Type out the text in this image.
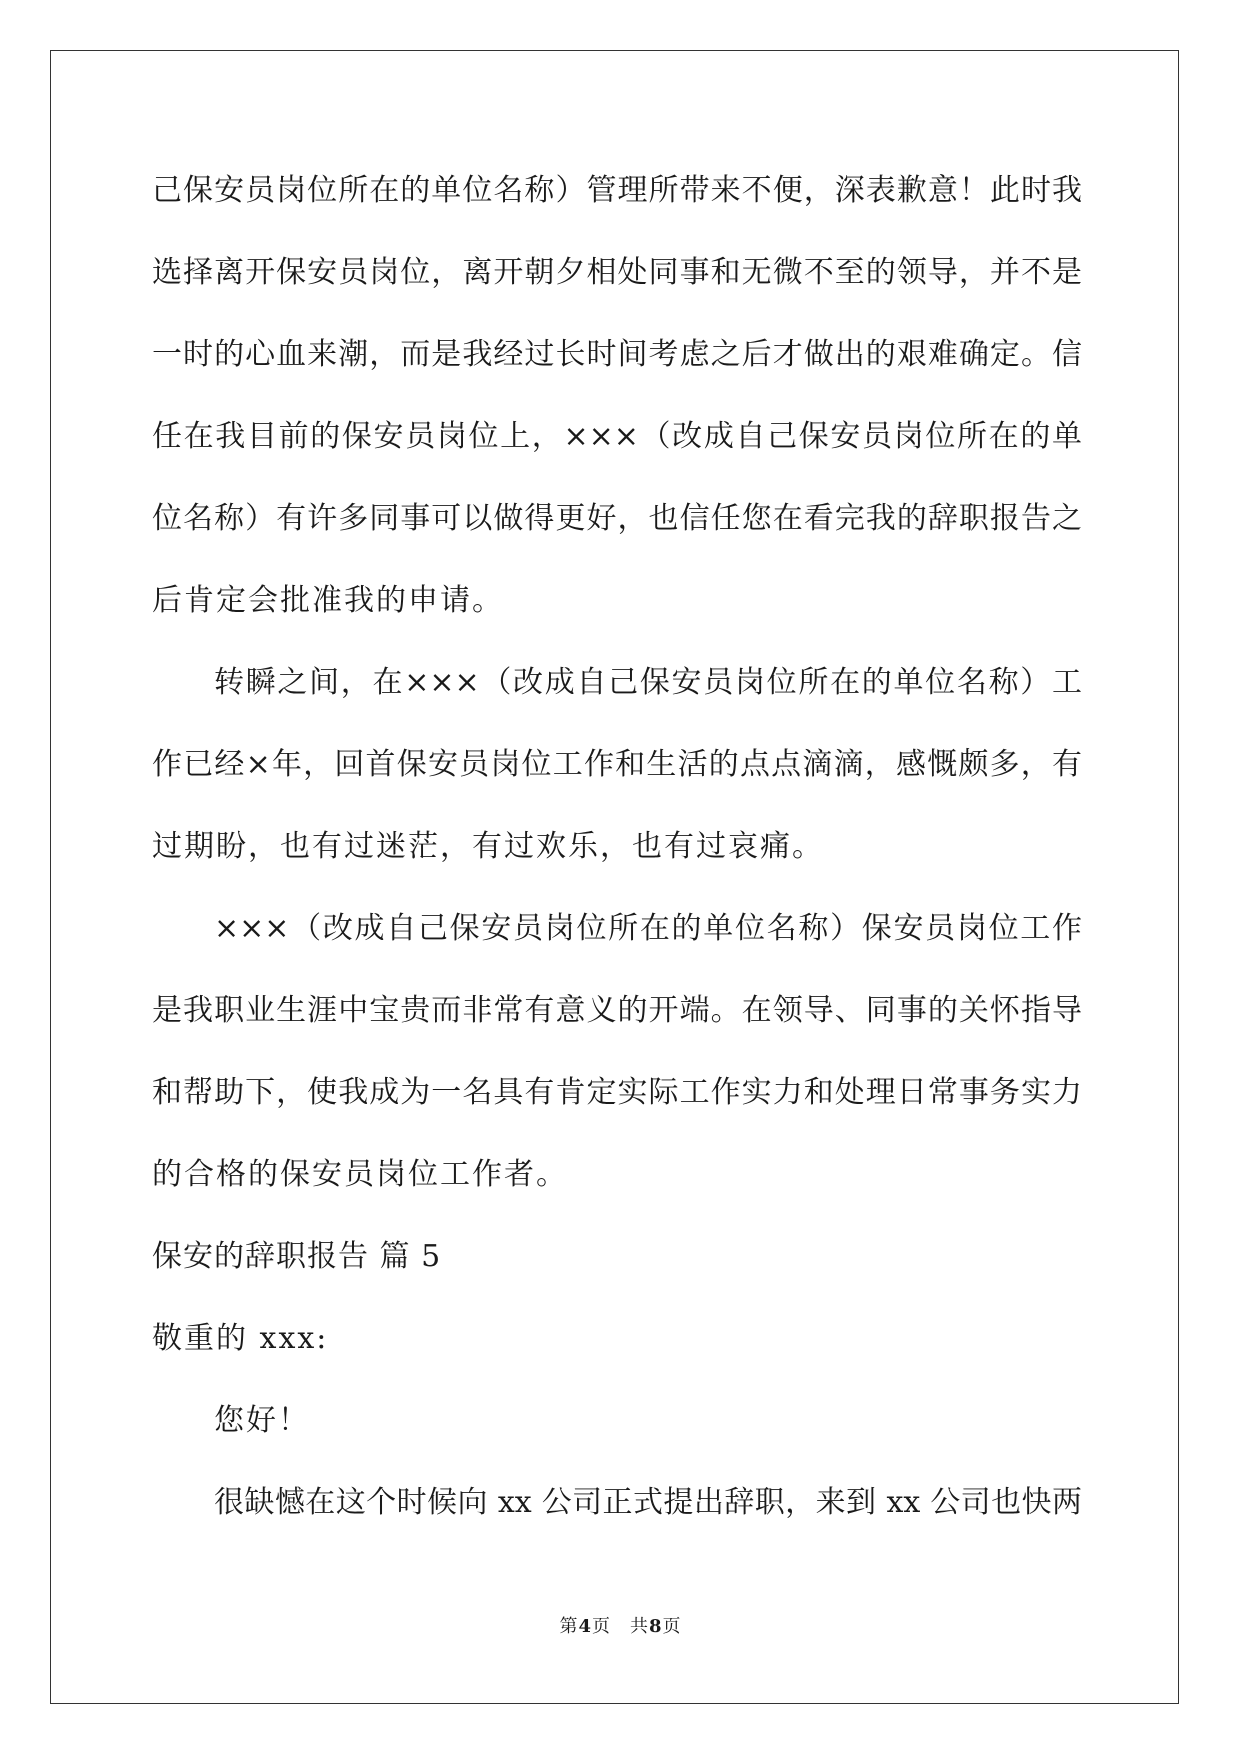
己保安员岗位所在的单位名称）管理所带来不便，深表歉意！此时我
选择离开保安员岗位，离开朝夕相处同事和无微不至的领导，并不是
一时的心血来潮，而是我经过长时间考虑之后才做出的艰难确定。信
任在我目前的保安员岗位上，×××（改成自己保安员岗位所在的单
位名称）有许多同事可以做得更好，也信任您在看完我的辞职报告之
后肯定会批准我的申请。
转瞬之间，在×××（改成自己保安员岗位所在的单位名称）工
作已经×年，回首保安员岗位工作和生活的点点滴滴，感慨颇多，有
过期盼，也有过迷茫，有过欢乐，也有过哀痛。
×××（改成自己保安员岗位所在的单位名称）保安员岗位工作
是我职业生涯中宝贵而非常有意义的开端。在领导、同事的关怀指导
和帮助下，使我成为一名具有肯定实际工作实力和处理日常事务实力
的合格的保安员岗位工作者。
保安的辞职报告 篇 5
敬重的 xxx:
您好！
很缺憾在这个时候向 xx 公司正式提出辞职，来到 xx 公司也快两
第4页　共8页
